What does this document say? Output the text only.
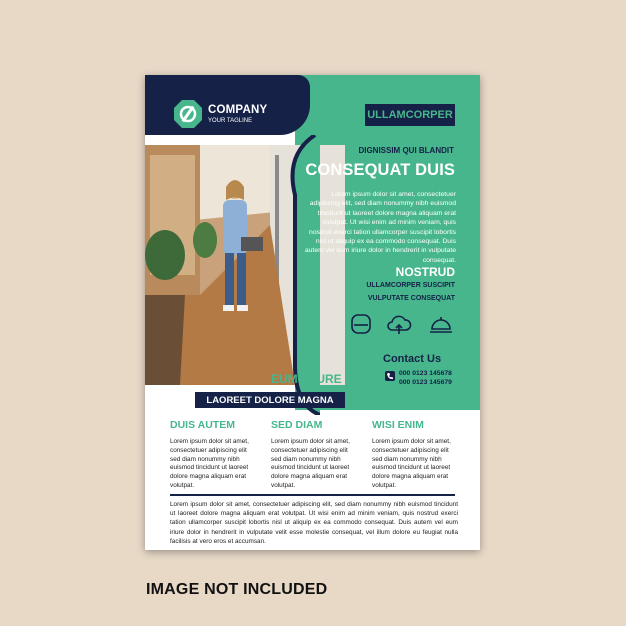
COMPANY
YOUR TAGLINE	ULLAMCORPER
DIGNISSIM QUI BLANDIT
CONSEQUAT DUIS
Lorem ipsum dolor sit amet, consectetuer adipiscing elit, sed diam nonummy nibh euismod tincidunt ut laoreet dolore magna aliquam erat volutpat. Ut wisi enim ad minim veniam, quis nostrud exerci tation ullamcorper suscipit lobortis nisl ut aliquip ex ea commodo consequat. Duis autem vel eum iriure dolor in hendrerit in vulputate consequat.
NOSTRUD
ULLAMCORPER SUSCIPIT
VULPUTATE CONSEQUAT
Contact Us
000 0123 145678
000 0123 145679
EUM IRIURE
LAOREET DOLORE MAGNA
DUIS AUTEM

Lorem ipsum dolor sit amet, consectetuer adipiscing elit sed diam nonummy nibh euismod tincidunt ut laoreet dolore magna aliquam erat volutpat.

SED DIAM

Lorem ipsum dolor sit amet, consectetuer adipiscing elit sed diam nonummy nibh euismod tincidunt ut laoreet dolore magna aliquam erat volutpat.

WISI ENIM

Lorem ipsum dolor sit amet, consectetuer adipiscing elit sed diam nonummy nibh euismod tincidunt ut laoreet dolore magna aliquam erat volutpat.

Lorem ipsum dolor sit amet, consectetuer adipiscing elit, sed diam nonummy nibh euismod tincidunt ut laoreet dolore magna aliquam erat volutpat. Ut wisi enim ad minim veniam, quis nostrud exerci tation ullamcorper suscipit lobortis nisl ut aliquip ex ea commodo consequat. Duis autem vel eum iriure dolor in hendrerit in vulputate velit esse molestie consequat, vel illum dolore eu feugiat nulla facilisis at vero eros et accumsan.
IMAGE NOT INCLUDED
